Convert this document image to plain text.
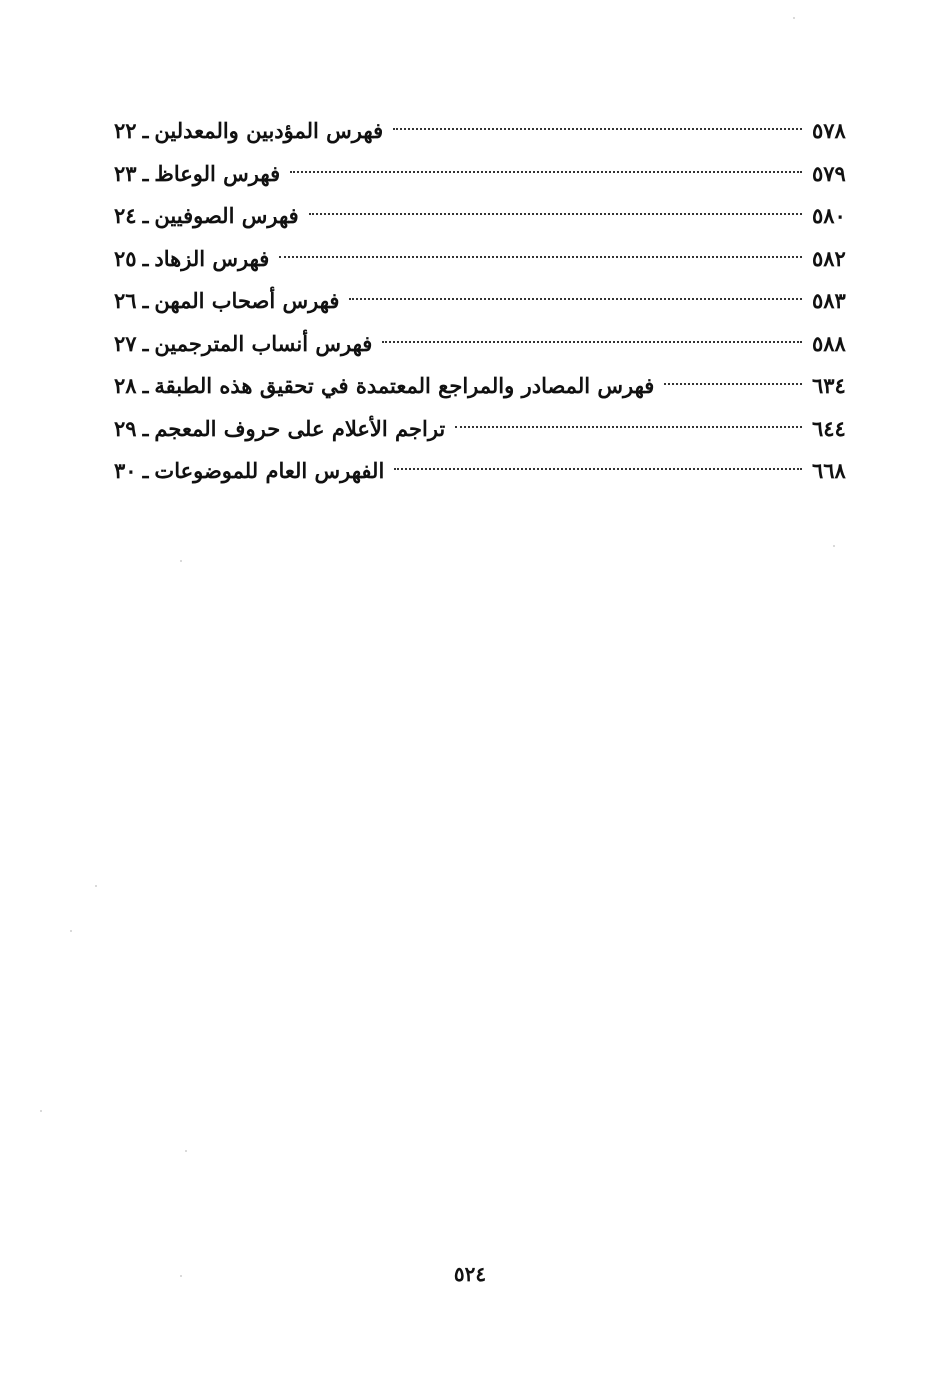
٢٢ ـ فهرس المؤدبين والمعدلين	٥٧٨
٢٣ ـ فهرس الوعاظ	٥٧٩
٢٤ ـ فهرس الصوفيين	٥٨٠
٢٥ ـ فهرس الزهاد	٥٨٢
٢٦ ـ فهرس أصحاب المهن	٥٨٣
٢٧ ـ فهرس أنساب المترجمين	٥٨٨
٢٨ ـ فهرس المصادر والمراجع المعتمدة في تحقيق هذه الطبقة	٦٣٤
٢٩ ـ تراجم الأعلام على حروف المعجم	٦٤٤
٣٠ ـ الفهرس العام للموضوعات	٦٦٨
٥٢٤
